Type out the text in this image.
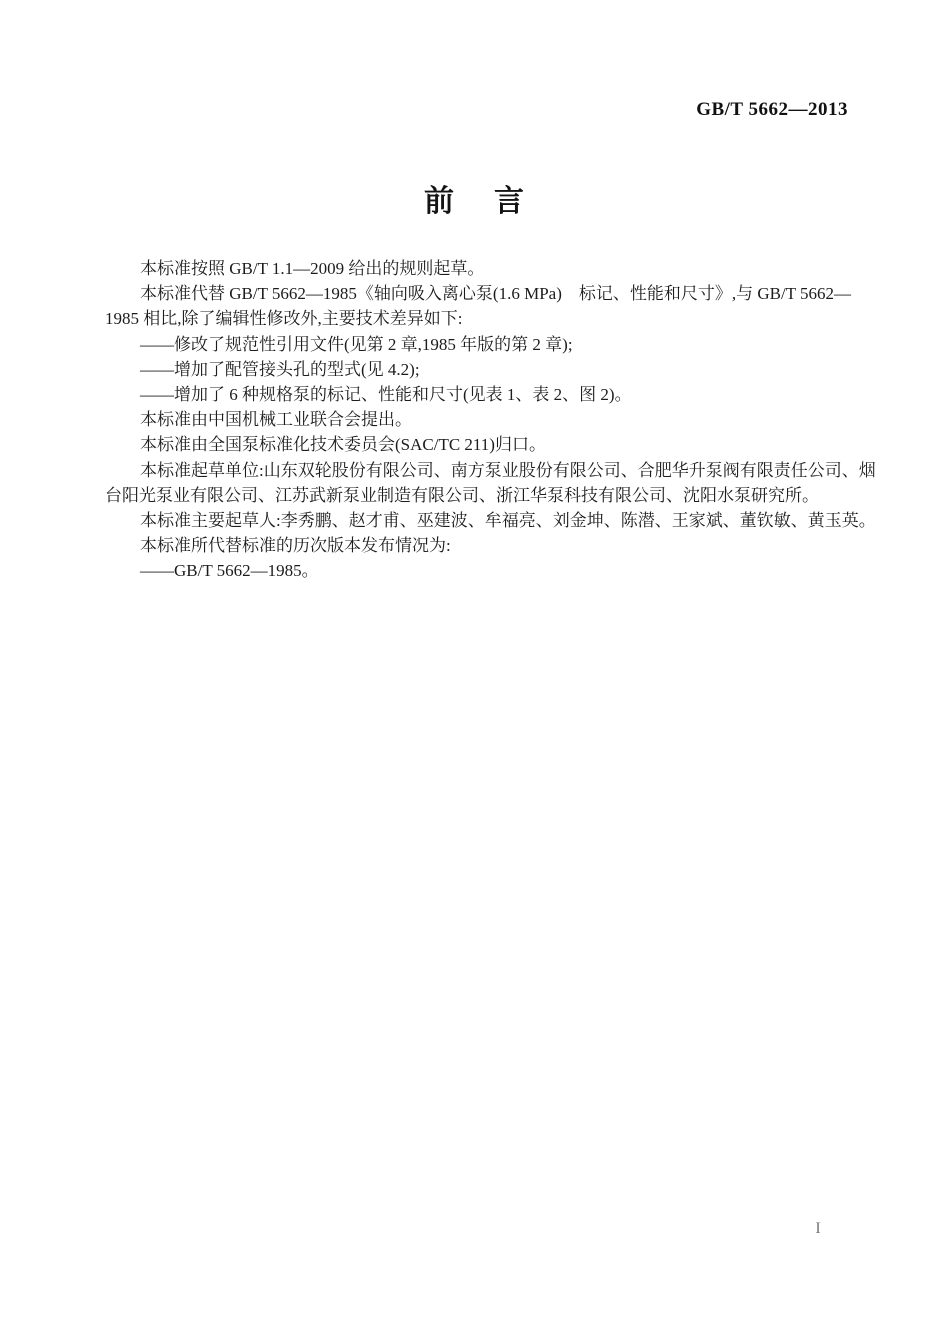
GB/T 5662—2013
前　言

本标准按照 GB/T 1.1—2009 给出的规则起草。

本标准代替 GB/T 5662—1985《轴向吸入离心泵(1.6 MPa)　标记、性能和尺寸》,与 GB/T 5662—
1985 相比,除了编辑性修改外,主要技术差异如下:

——修改了规范性引用文件(见第 2 章,1985 年版的第 2 章);

——增加了配管接头孔的型式(见 4.2);

——增加了 6 种规格泵的标记、性能和尺寸(见表 1、表 2、图 2)。

本标准由中国机械工业联合会提出。

本标准由全国泵标准化技术委员会(SAC/TC 211)归口。

本标准起草单位:山东双轮股份有限公司、南方泵业股份有限公司、合肥华升泵阀有限责任公司、烟
台阳光泵业有限公司、江苏武新泵业制造有限公司、浙江华泵科技有限公司、沈阳水泵研究所。

本标准主要起草人:李秀鹏、赵才甫、巫建波、牟福亮、刘金坤、陈潜、王家斌、董钦敏、黄玉英。

本标准所代替标准的历次版本发布情况为:

——GB/T 5662—1985。

I
